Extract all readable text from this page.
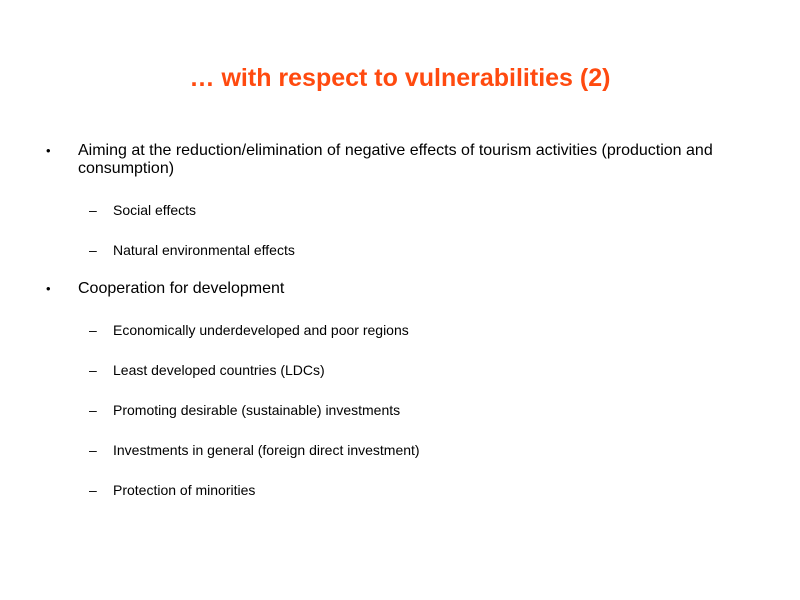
… with respect to vulnerabilities (2)
•	Aiming at the reduction/elimination of negative effects of tourism activities (production and consumption)
–	Social effects
–	Natural environmental effects
•	Cooperation for development
–	Economically underdeveloped and poor regions
–	Least developed countries (LDCs)
–	Promoting desirable (sustainable) investments
–	Investments in general (foreign direct investment)
–	Protection of minorities
